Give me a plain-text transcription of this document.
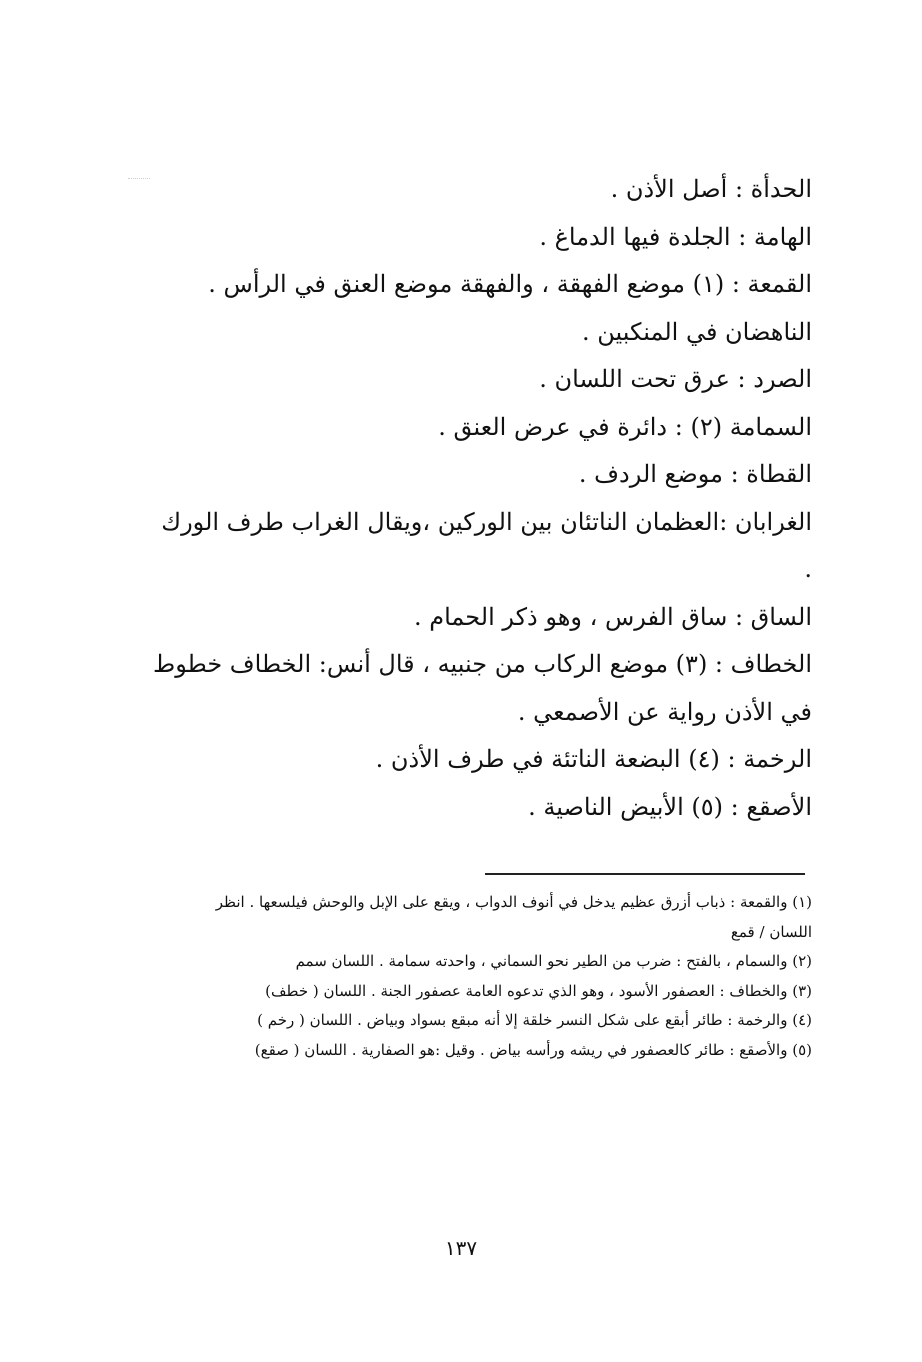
الحدأة : أصل الأذن .

الهامة : الجلدة فيها الدماغ .

القمعة : (١) موضع الفهقة ، والفهقة موضع العنق في الرأس . الناهضان في المنكبين .

الصرد : عرق تحت اللسان .

السمامة (٢) : دائرة في عرض العنق .

القطاة : موضع الردف .

الغرابان :العظمان الناتئان بين الوركين ،ويقال الغراب طرف الورك .

الساق : ساق الفرس ، وهو ذكر الحمام .

الخطاف : (٣) موضع الركاب من جنبيه ، قال أنس: الخطاف خطوط في الأذن رواية عن الأصمعي .

الرخمة : (٤) البضعة الناتئة في طرف الأذن .

الأصقع : (٥) الأبيض الناصية .

(١) والقمعة : ذباب أزرق عظيم يدخل في أنوف الدواب ، ويقع على الإبل والوحش فيلسعها . انظر اللسان / قمع

(٢) والسمام ، بالفتح : ضرب من الطير نحو السماني ، واحدته سمامة . اللسان سمم

(٣) والخطاف : العصفور الأسود ، وهو الذي تدعوه العامة عصفور الجنة . اللسان ( خطف)

(٤) والرخمة : طائر أبقع على شكل النسر خلقة إلا أنه مبقع بسواد وبياض . اللسان ( رخم )

(٥) والأصقع : طائر كالعصفور في ريشه ورأسه بياض . وقيل :هو الصفارية . اللسان ( صقع)

١٣٧
